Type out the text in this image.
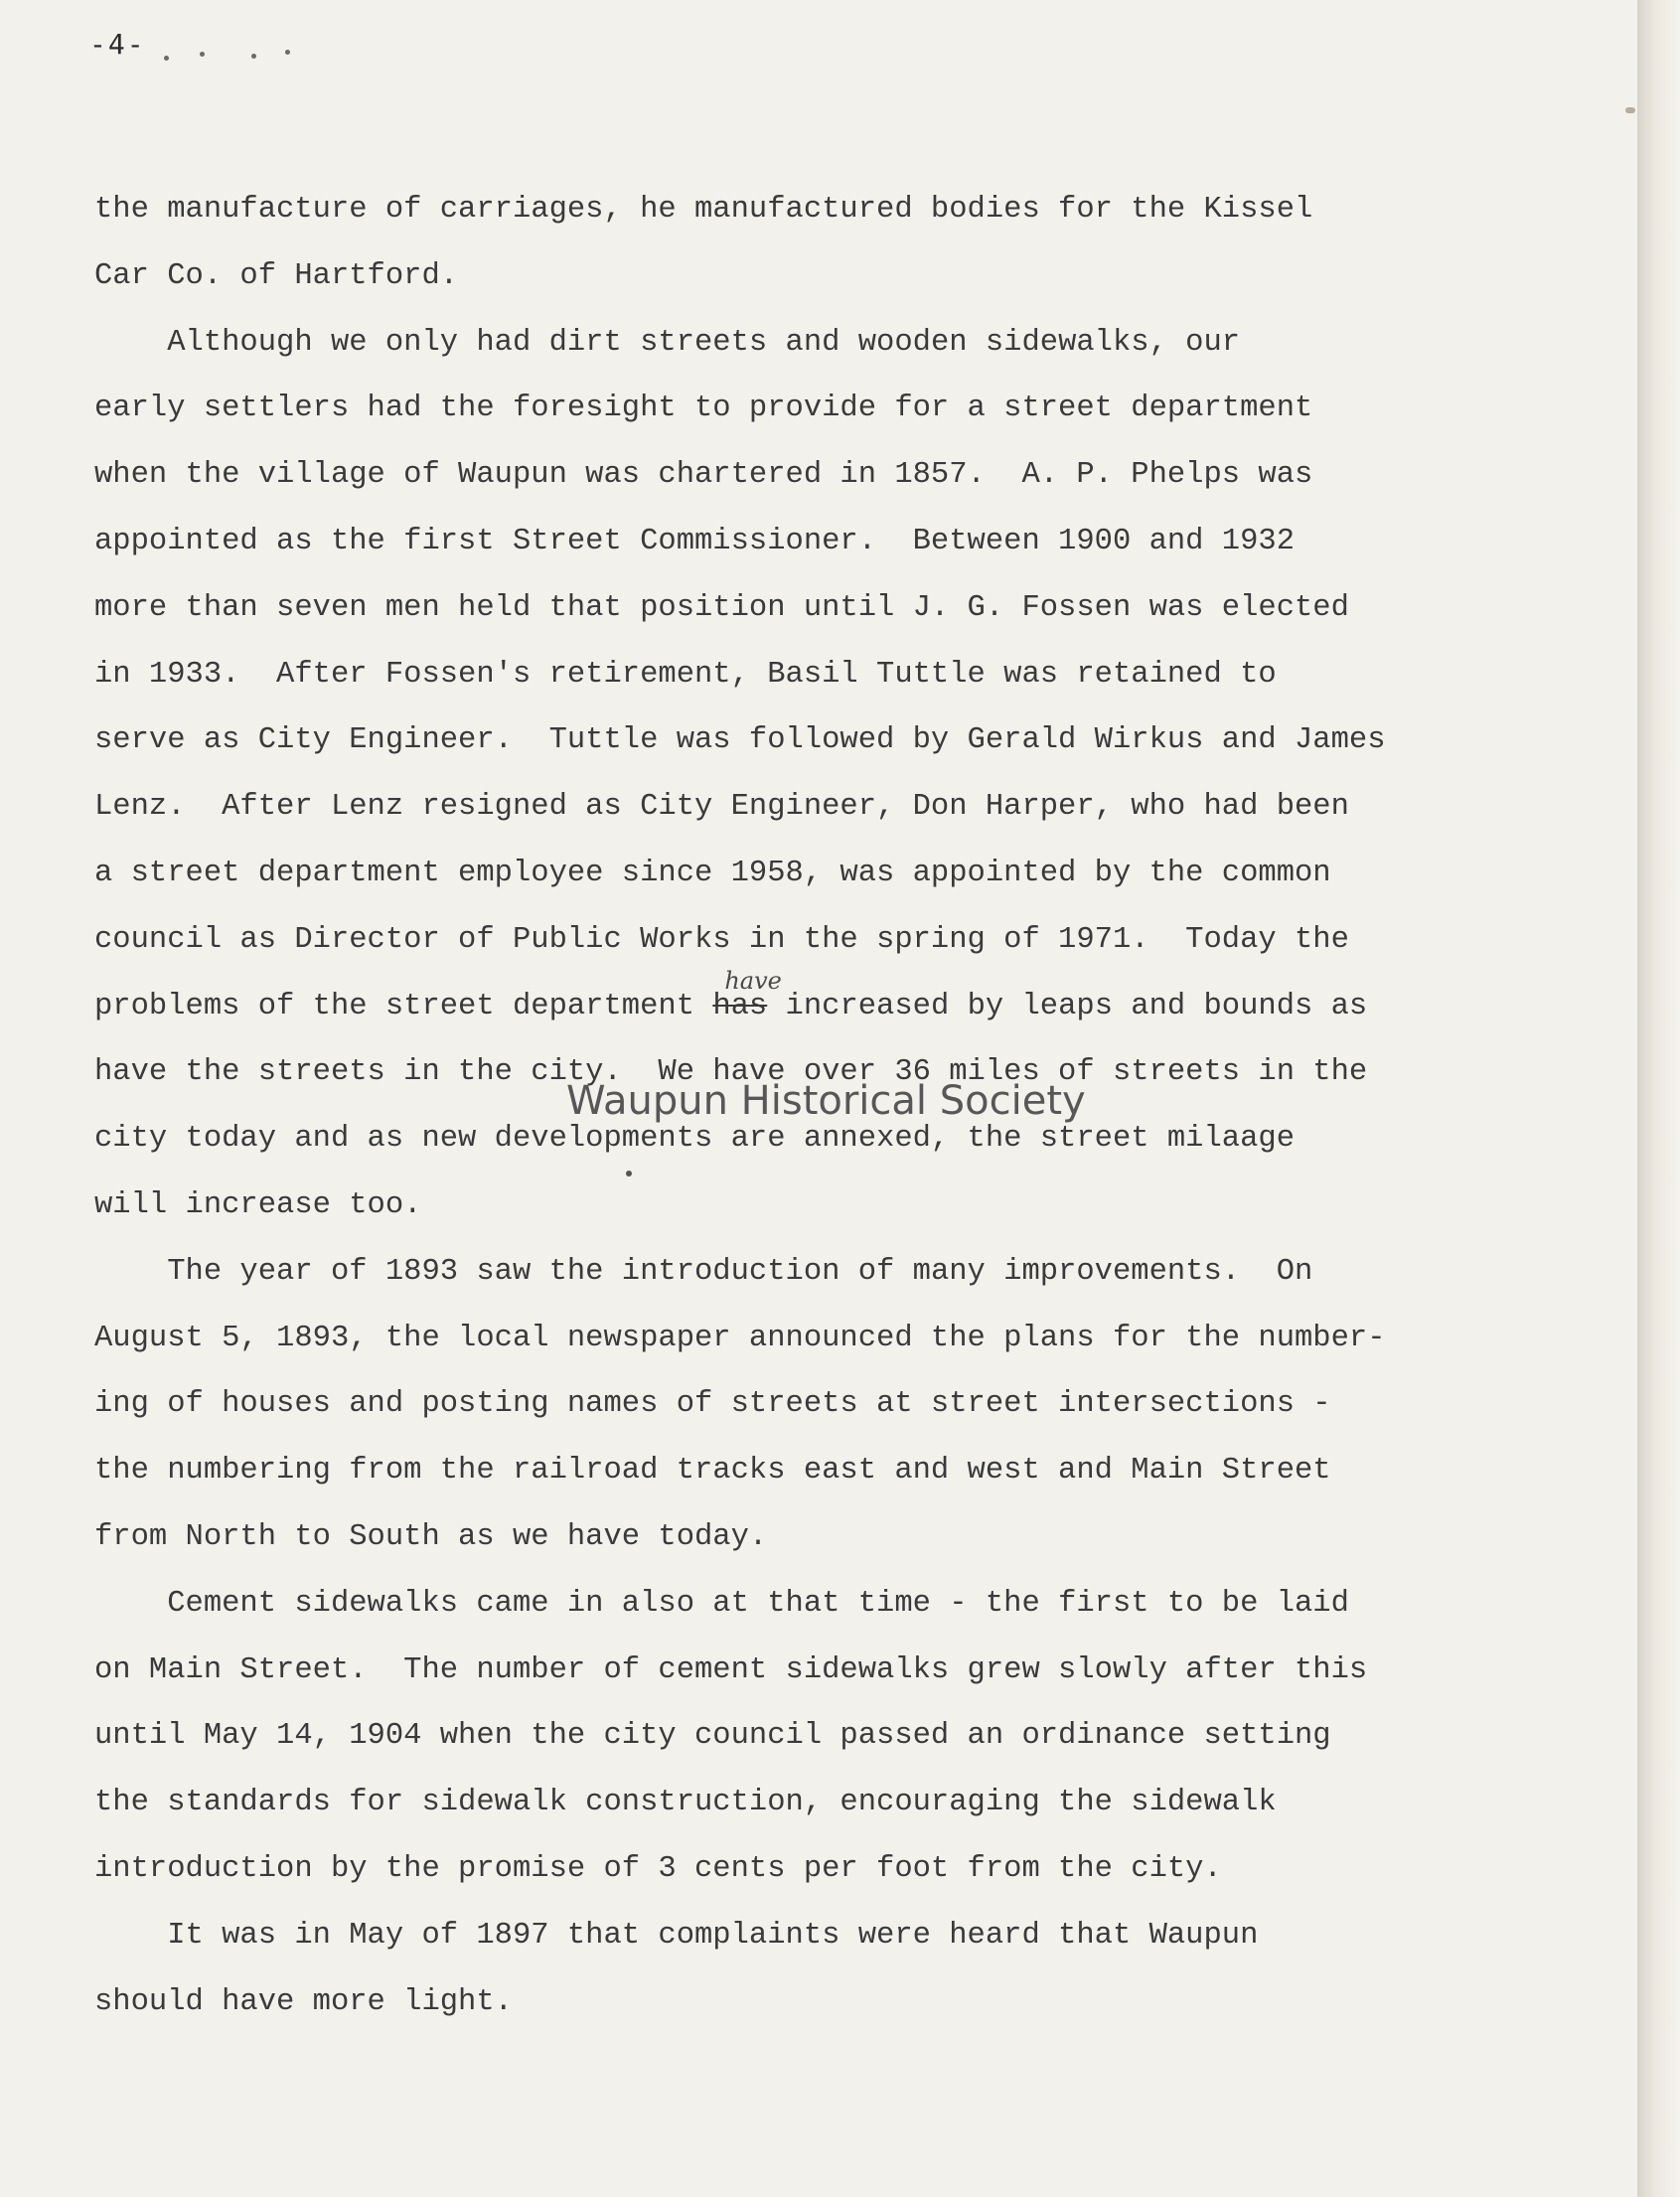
-4-
the manufacture of carriages, he manufactured bodies for the Kissel
Car Co. of Hartford.
Although we only had dirt streets and wooden sidewalks, our
early settlers had the foresight to provide for a street department
when the village of Waupun was chartered in 1857.  A. P. Phelps was
appointed as the first Street Commissioner.  Between 1900 and 1932
more than seven men held that position until J. G. Fossen was elected
in 1933.  After Fossen's retirement, Basil Tuttle was retained to
serve as City Engineer.  Tuttle was followed by Gerald Wirkus and James
Lenz.  After Lenz resigned as City Engineer, Don Harper, who had been
a street department employee since 1958, was appointed by the common
council as Director of Public Works in the spring of 1971.  Today the
problems of the street department has
have
increased by leaps and bounds as
have the streets in the city.  We have over 36 miles of streets in the
city today and as new developments are annexed, the street milaage
will increase too.
The year of 1893 saw the introduction of many improvements.  On
August 5, 1893, the local newspaper announced the plans for the number-
ing of houses and posting names of streets at street intersections -
the numbering from the railroad tracks east and west and Main Street
from North to South as we have today.
Cement sidewalks came in also at that time - the first to be laid
on Main Street.  The number of cement sidewalks grew slowly after this
until May 14, 1904 when the city council passed an ordinance setting
the standards for sidewalk construction, encouraging the sidewalk
introduction by the promise of 3 cents per foot from the city.
It was in May of 1897 that complaints were heard that Waupun
should have more light.
Waupun Historical Society
